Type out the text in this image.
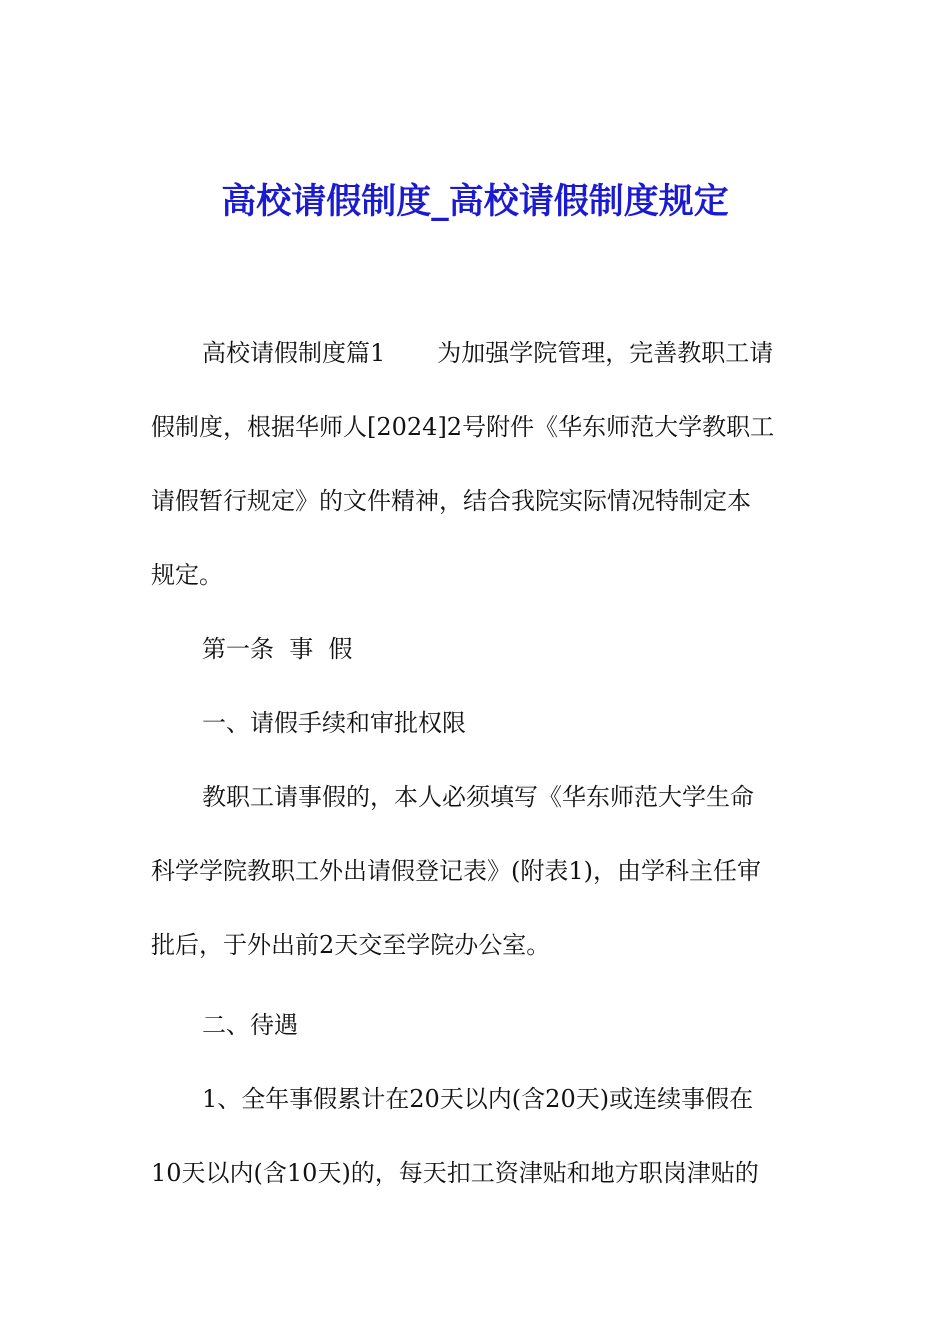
高校请假制度_高校请假制度规定
高校请假制度篇1 为加强学院管理，完善教职工请
假制度，根据华师人[2024]2号附件《华东师范大学教职工
请假暂行规定》的文件精神，结合我院实际情况特制定本
规定。
第一条  事  假
一、请假手续和审批权限
教职工请事假的，本人必须填写《华东师范大学生命
科学学院教职工外出请假登记表》(附表1)，由学科主任审
批后，于外出前2天交至学院办公室。
二、待遇
1、全年事假累计在20天以内(含20天)或连续事假在
10天以内(含10天)的，每天扣工资津贴和地方职岗津贴的
